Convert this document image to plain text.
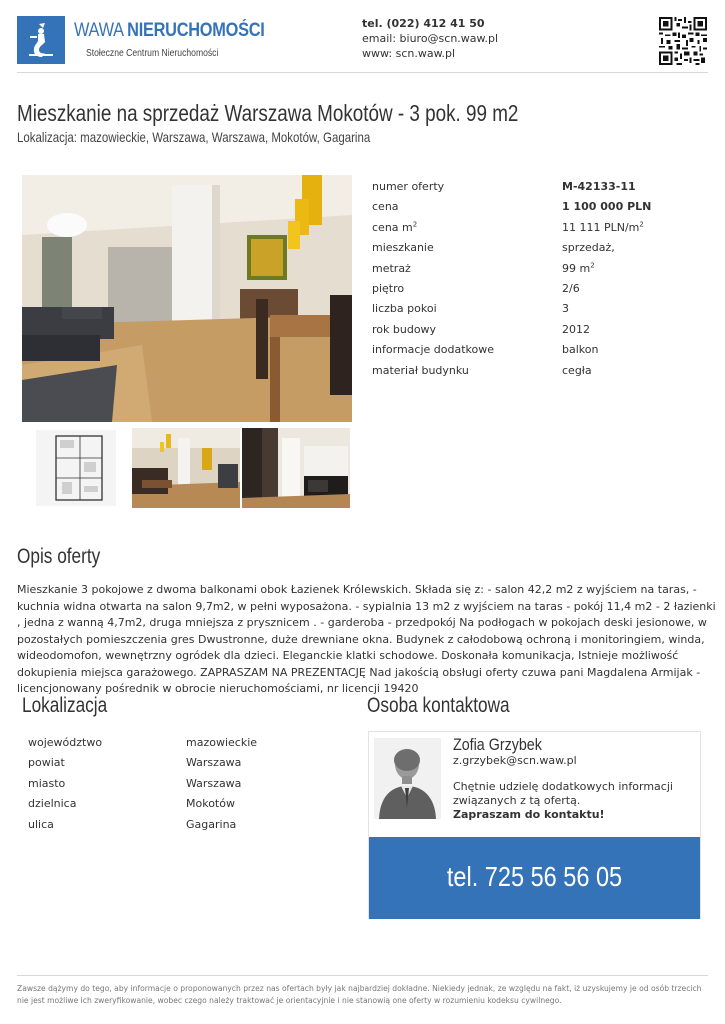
WAWA NIERUCHOMOŚCI
Stołeczne Centrum Nieruchomości
tel. (022) 412 41 50
email: biuro@scn.waw.pl
www: scn.waw.pl
Mieszkanie na sprzedaż Warszawa Mokotów - 3 pok. 99 m2
Lokalizacja: mazowieckie, Warszawa, Warszawa, Mokotów, Gagarina
numer oferty	M-42133-11
cena	1 100 000 PLN
cena $m^2$	11 111 PLN/$m^2$
mieszkanie	sprzedaż,
metraż	99 $m^2$
piętro	2/6
liczba pokoi	3
rok budowy	2012
informacje dodatkowe	balkon
materiał budynku	cegła
Opis oferty

Mieszkanie 3 pokojowe z dwoma balkonami obok Łazienek Królewskich. Składa się z: - salon 42,2 m2 z wyjściem na taras, - kuchnia widna otwarta na salon 9,7m2, w pełni wyposażona. - sypialnia 13 m2 z wyjściem na taras - pokój 11,4 m2 - 2 łazienki , jedna z wanną 4,7m2, druga mniejsza z prysznicem . - garderoba - przedpokój Na podłogach w pokojach deski jesionowe, w pozostałych pomieszczenia gres Dwustronne, duże drewniane okna. Budynek z całodobową ochroną i monitoringiem, winda, wideodomofon, wewnętrzny ogródek dla dzieci. Eleganckie klatki schodowe. Doskonała komunikacja, Istnieje możliwość dokupienia miejsca garażowego. ZAPRASZAM NA PREZENTACJĘ Nad jakością obsługi oferty czuwa pani Magdalena Armijak - licencjonowany pośrednik w obrocie nieruchomościami, nr licencji 19420

Lokalizacja
województwo	mazowieckie
powiat	Warszawa
miasto	Warszawa
dzielnica	Mokotów
ulica	Gagarina
Osoba kontaktowa
Zofia Grzybek
z.grzybek@scn.waw.pl
Chętnie udzielę dodatkowych informacji związanych z tą ofertą.
Zapraszam do kontaktu!
tel. 725 56 56 05

Zawsze dążymy do tego, aby informacje o proponowanych przez nas ofertach były jak najbardziej dokładne. Niekiedy jednak, ze względu na fakt, iż uzyskujemy je od osób trzecich nie jest możliwe ich zweryfikowanie, wobec czego należy traktować je orientacyjnie i nie stanowią one oferty w rozumieniu kodeksu cywilnego.
